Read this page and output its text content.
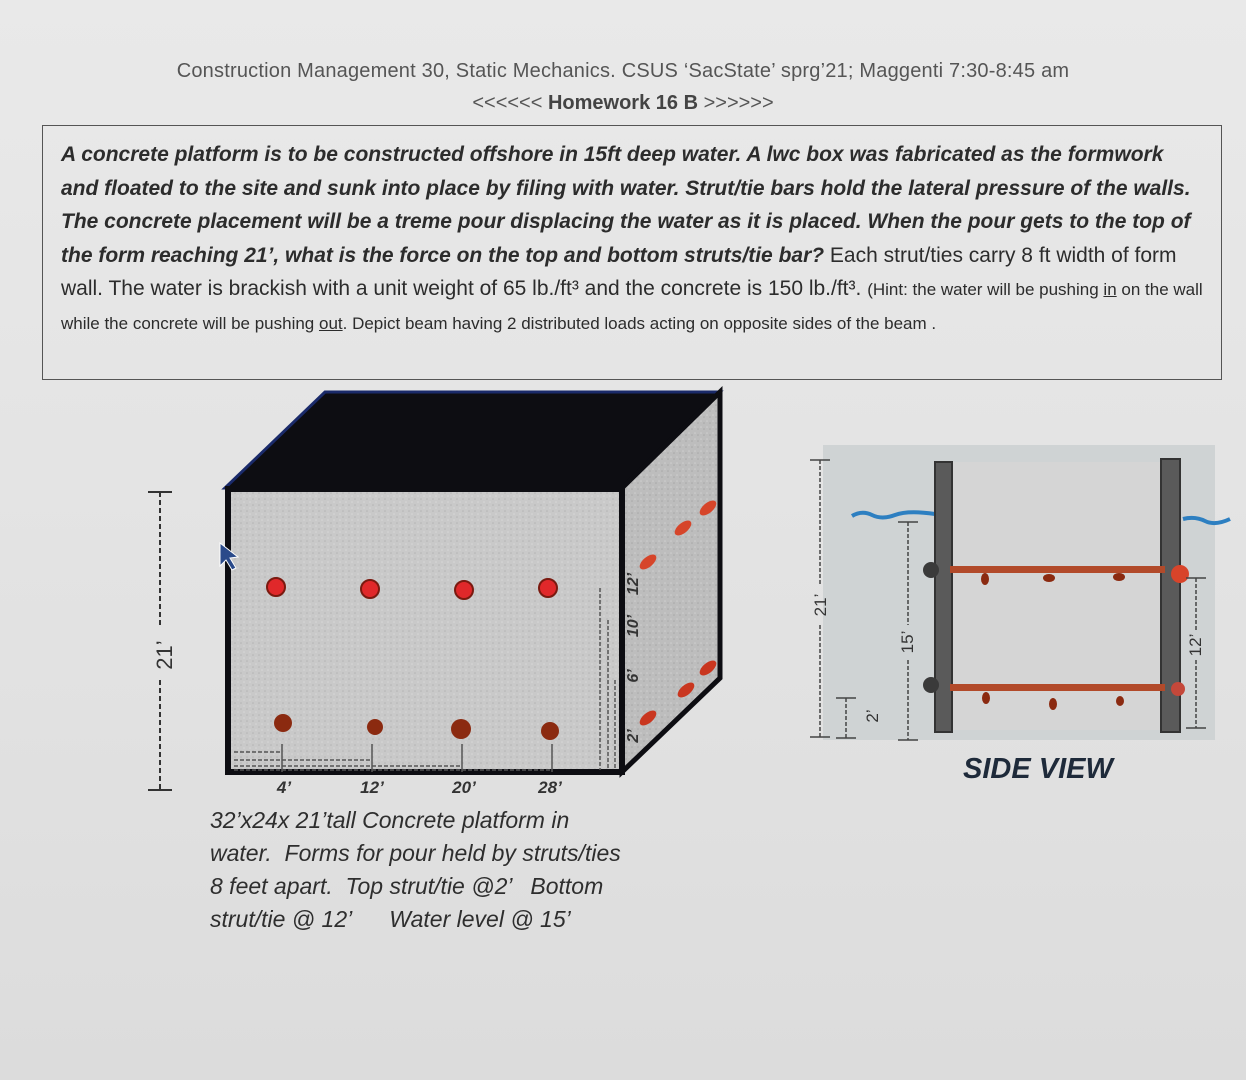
Construction Management 30, Static Mechanics. CSUS ‘SacState’ sprg’21; Maggenti 7:30-8:45 am
<<<<<< Homework 16 B >>>>>>
A concrete platform is to be constructed offshore in 15ft deep water. A lwc box was fabricated as the formwork and floated to the site and sunk into place by filing with water. Strut/tie bars hold the lateral pressure of the walls. The concrete placement will be a treme pour displacing the water as it is placed. When the pour gets to the top of the form reaching 21’, what is the force on the top and bottom struts/tie bar? Each strut/ties carry 8 ft width of form wall. The water is brackish with a unit weight of 65 lb./ft³ and the concrete is 150 lb./ft³. (Hint: the water will be pushing in on the wall while the concrete will be pushing out. Depict beam having 2 distributed loads acting on opposite sides of the beam .
21’
4’	12’	20’	28’
2’
6’
10’
12’
21’
2’
15’	12’
32’x24x 21’tall Concrete platform in
water.  Forms for pour held by struts/ties
8 feet apart.  Top strut/tie @2’   Bottom
strut/tie @ 12’      Water level @ 15’
SIDE VIEW
